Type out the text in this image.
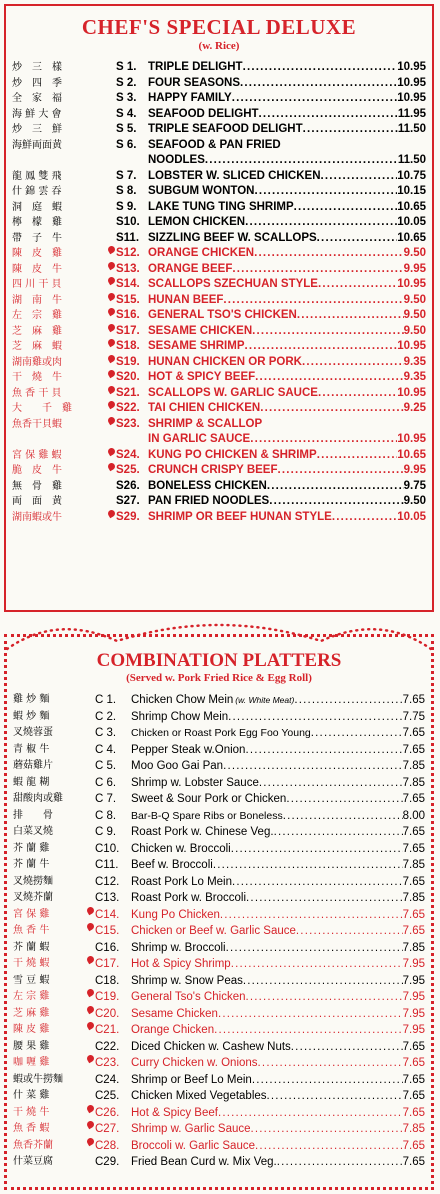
CHEF'S SPECIAL DELUXE
(w. Rice)
炒　三　樣	S 1.	TRIPLE DELIGHT . . .	10.95
炒　四　季	S 2.	FOUR SEASONS . . .	10.95
全　家　福	S 3.	HAPPY FAMILY . . .	10.95
海 鮮 大 會	S 4.	SEAFOOD DELIGHT . . .	11.95
炒　三　鮮	S 5.	TRIPLE SEAFOOD DELIGHT . . .	11.50
海鮮両面黄	S 6.	SEAFOOD & PAN FRIED
NOODLES . . .	11.50
龍 鳳 雙 飛	S 7.	LOBSTER W. SLICED CHICKEN . . .	10.75
什 錦 雲 吞	S 8.	SUBGUM WONTON . . .	10.15
洞　庭　蝦	S 9.	LAKE TUNG TING SHRIMP . . .	10.65
檸　檬　雞	S10. LEMON CHICKEN . . .	10.05
帶　子　牛	S11. SIZZLING BEEF W. SCALLOPS . . .	10.65
陳　皮　雞	S12. ORANGE CHICKEN . . .	9.50
陳　皮　牛	S13. ORANGE BEEF . . .	9.95
四 川 干 貝	S14. SCALLOPS SZECHUAN STYLE . . .	10.95
湖　南　牛	S15. HUNAN BEEF . . .	9.50
左　宗　雞	S16. GENERAL TSO'S CHICKEN . . .	9.50
芝　麻　雞	S17. SESAME CHICKEN . . .	9.50
芝　麻　蝦	S18. SESAME SHRIMP . . .	10.95
湖南雞或肉	S19. HUNAN CHICKEN OR PORK . . .	9.35
干　燒　牛	S20. HOT & SPICY BEEF . . .	9.35
魚 香 干 貝	S21. SCALLOPS W. GARLIC SAUCE . . .	10.95
大　　千　雞	S22. TAI CHIEN CHICKEN . . .	9.25
魚香干貝蝦	S23. SHRIMP & SCALLOP
IN GARLIC SAUCE . . .	10.95
宮 保 雞 蝦	S24. KUNG PO CHICKEN & SHRIMP . . .	10.65
脆　皮　牛	S25. CRUNCH CRISPY BEEF . . .	9.95
無　骨　雞	S26. BONELESS CHICKEN . . .	9.75
両　面　黄	S27. PAN FRIED NOODLES . . .	9.50
湖南蝦或牛	S29. SHRIMP OR BEEF HUNAN STYLE . . .	10.05
COMBINATION PLATTERS
(Served w. Pork Fried Rice & Egg Roll)
雞 炒 麵	C 1.	Chicken Chow Mein (w. White Meat) . . .	7.65
蝦 炒 麵	C 2.	Shrimp Chow Mein . . .	7.75
叉燒蓉蛋	C 3.	Chicken or Roast Pork Egg Foo Young . . .	7.65
青 椒 牛	C 4.	Pepper Steak w.Onion . . .	7.65
蘑菇雞片	C 5.	Moo Goo Gai Pan . . .	7.85
蝦 龍 糊	C 6.	Shrimp w. Lobster Sauce . . .	7.85
甜酸肉或雞	C 7.	Sweet & Sour Pork or Chicken . . .	7.65
排　　骨	C 8.	Bar-B-Q Spare Ribs or Boneless . . .	8.00
白菜叉燒	C 9.	Roast Pork w. Chinese Veg. . . .	7.65
芥 蘭 雞	C10.	Chicken w. Broccoli . . .	7.65
芥 蘭 牛	C11.	Beef w. Broccoli . . .	7.85
叉燒撈麵	C12.	Roast Pork Lo Mein . . .	7.65
叉燒芥蘭	C13.	Roast Pork w. Broccoli . . .	7.85
宮 保 雞	C14. Kung Po Chicken . . .	7.65
魚 香 牛	C15. Chicken or Beef w. Garlic Sauce . . .	7.65
芥 蘭 蝦	C16.	Shrimp w. Broccoli . . .	7.85
干 燒 蝦	C17. Hot & Spicy Shrimp . . .	7.95
雪 豆 蝦	C18.	Shrimp w. Snow Peas . . .	7.95
左 宗 雞	C19. General Tso's Chicken . . .	7.95
芝 麻 雞	C20. Sesame Chicken . . .	7.95
陳 皮 雞	C21. Orange Chicken . . .	7.95
腰 果 雞	C22.	Diced Chicken w. Cashew Nuts . . .	7.65
咖 喱 雞	C23. Curry Chicken w. Onions . . .	7.65
蝦或牛撈麵	C24.	Shrimp or Beef Lo Mein . . .	7.65
什 菜 雞	C25.	Chicken Mixed Vegetables . . .	7.65
干 燒 牛	C26. Hot & Spicy Beef . . .	7.65
魚 香 蝦	C27. Shrimp w. Garlic Sauce . . .	7.85
魚香芥蘭	C28. Broccoli w. Garlic Sauce . . .	7.65
什菜豆腐	C29.	Fried Bean Curd w. Mix Veg. . . .	7.65
